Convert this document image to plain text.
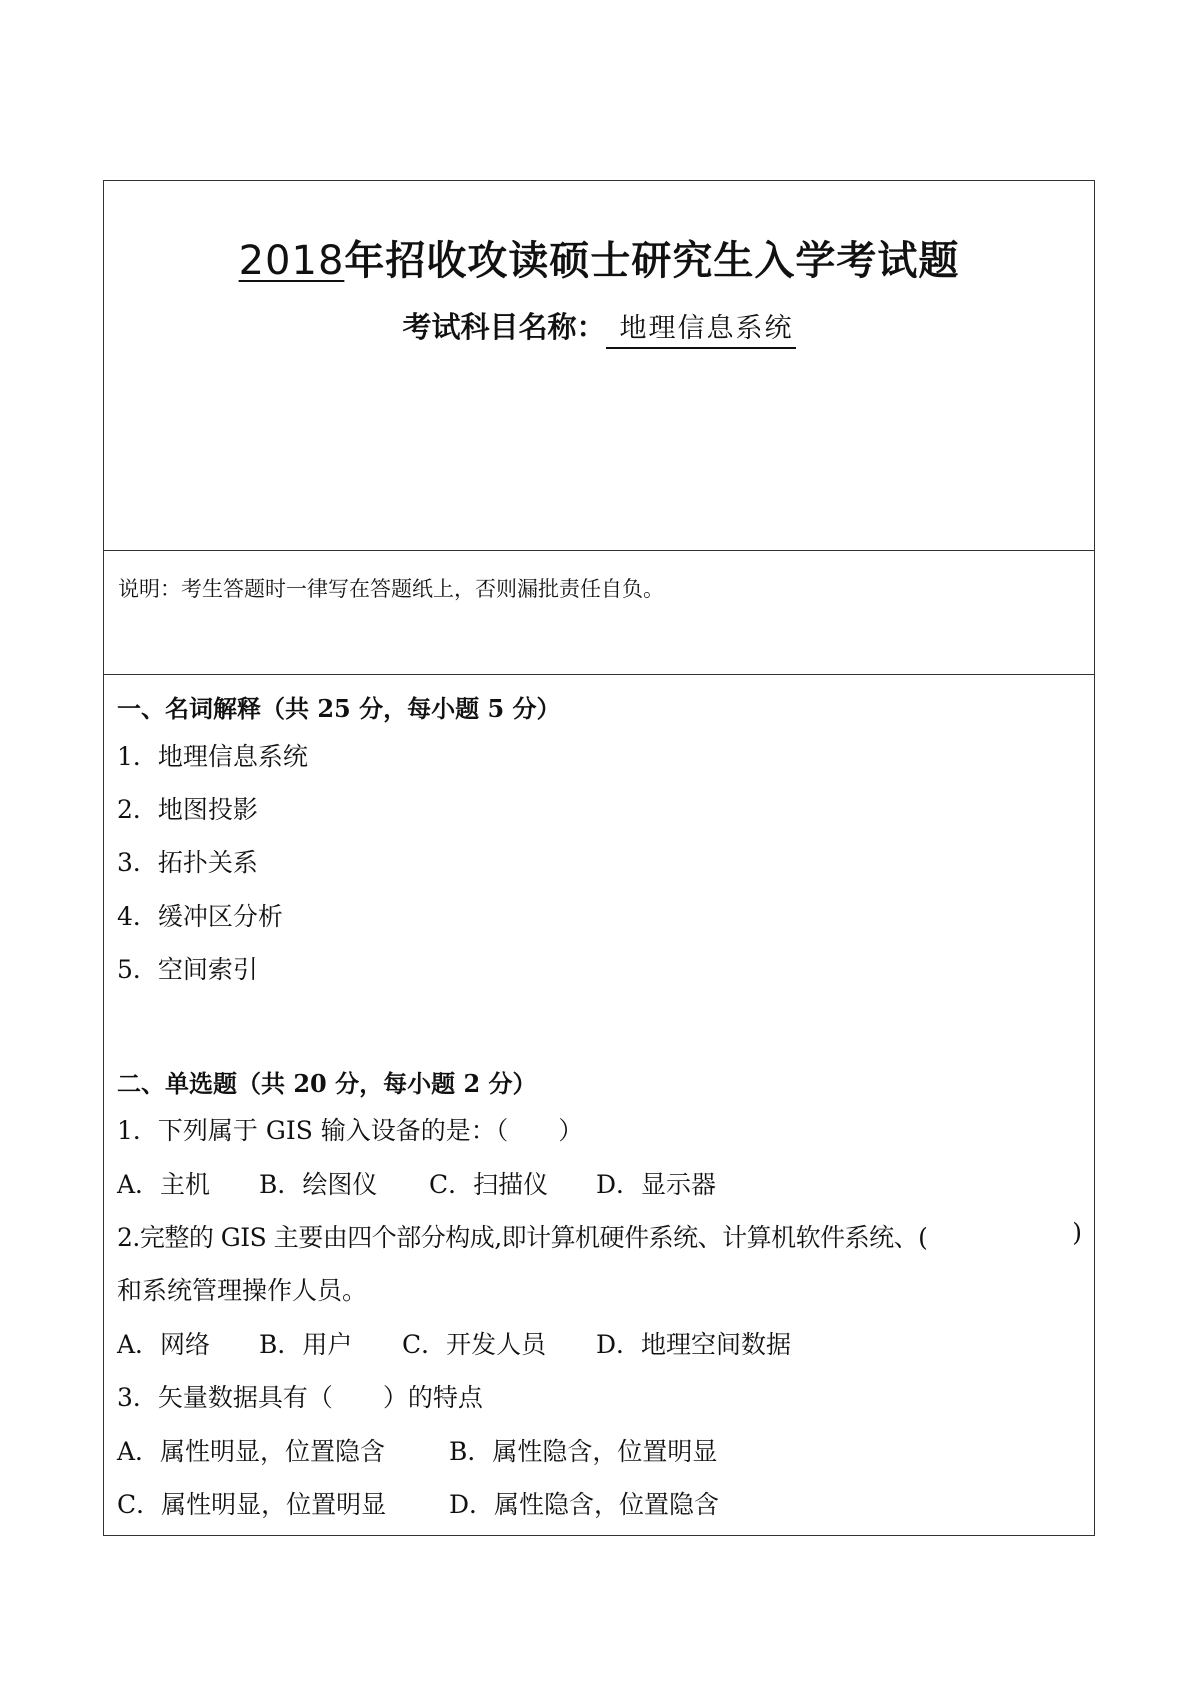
2018年招收攻读硕士研究生入学考试题
考试科目名称： 地理信息系统
说明：考生答题时一律写在答题纸上，否则漏批责任自负。
一、名词解释（共 25 分，每小题 5 分）
1．地理信息系统
2．地图投影
3．拓扑关系
4．缓冲区分析
5．空间索引
二、单选题（共 20 分，每小题 2 分）
1．下列属于 GIS 输入设备的是：（　　）
A．主机 B．绘图仪 C．扫描仪 D．显示器
2.完整的 GIS 主要由四个部分构成,即计算机硬件系统、计算机软件系统、(	)
和系统管理操作人员。
A．网络 B．用户 C．开发人员 D．地理空间数据
3．矢量数据具有（　　）的特点
A．属性明显，位置隐含	B．属性隐含，位置明显
C．属性明显，位置明显	D．属性隐含，位置隐含
